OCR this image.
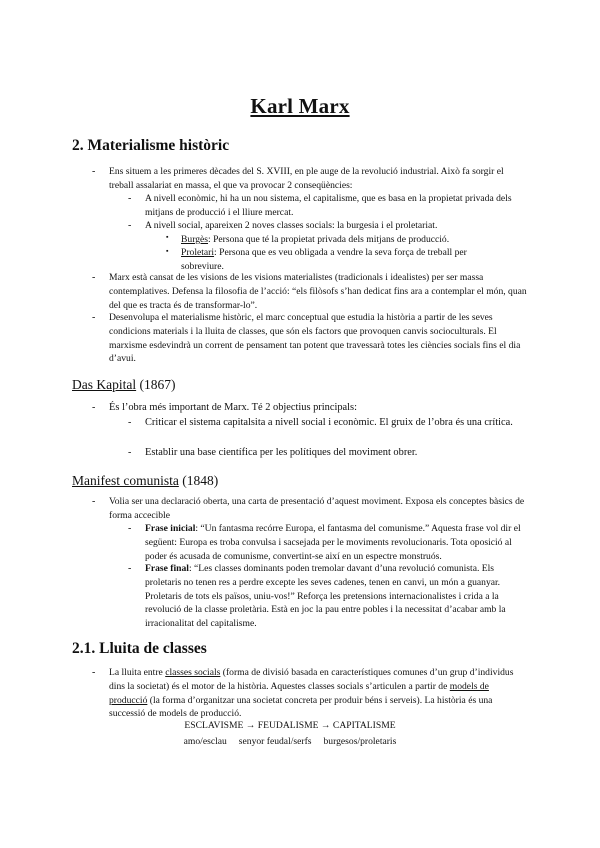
Karl Marx
2. Materialisme històric
- Ens situem a les primeres dècades del S. XVIII, en ple auge de la revolució industrial. Això fa sorgir el treball assalariat en massa, el que va provocar 2 conseqüències:
- A nivell econòmic, hi ha un nou sistema, el capitalisme, que es basa en la propietat privada dels mitjans de producció i el lliure mercat.
- A nivell social, apareixen 2 noves classes socials: la burgesia i el proletariat.
▪ Burgès: Persona que té la propietat privada dels mitjans de producció.
▪ Proletari: Persona que es veu obligada a vendre la seva força de treball per sobreviure.
- Marx està cansat de les visions de les visions materialistes (tradicionals i idealistes) per ser massa contemplatives. Defensa la filosofia de l’acció: “els filòsofs s’han dedicat fins ara a contemplar el món, quan del que es tracta és de transformar-lo”.
- Desenvolupa el materialisme històric, el marc conceptual que estudia la història a partir de les seves condicions materials i la lluita de classes, que són els factors que provoquen canvis socioculturals. El marxisme esdevindrà un corrent de pensament tan potent que travessarà totes les ciències socials fins el dia d’avui.
Das Kapital (1867)
- És l’obra més important de Marx. Té 2 objectius principals:
- Criticar el sistema capitalsita a nivell social i econòmic. El gruix de l’obra és una crítica.
- Establir una base científica per les polítiques del moviment obrer.
Manifest comunista (1848)
- Volia ser una declaració oberta, una carta de presentació d’aquest moviment. Exposa els conceptes bàsics de forma accecible
- Frase inicial: “Un fantasma recórre Europa, el fantasma del comunisme.” Aquesta frase vol dir el següent: Europa es troba convulsa i sacsejada per le moviments revolucionaris. Tota oposició al poder és acusada de comunisme, convertint-se així en un espectre monstruós.
- Frase final: “Les classes dominants poden tremolar davant d’una revolució comunista. Els proletaris no tenen res a perdre excepte les seves cadenes, tenen en canvi, un món a guanyar. Proletaris de tots els països, uniu-vos!” Reforça les pretensions internacionalistes i crida a la revolució de la classe proletària. Està en joc la pau entre pobles i la necessitat d’acabar amb la irracionalitat del capitalisme.
2.1. Lluita de classes
- La lluita entre classes socials (forma de divisió basada en característiques comunes d’un grup d’individus dins la societat) és el motor de la història. Aquestes classes socials s’articulen a partir de models de producció (la forma d’organitzar una societat concreta per produir béns i serveis). La història és una successió de models de producció.
ESCLAVISME → FEUDALISME → CAPITALISME
amo/esclau     senyor feudal/serfs     burgesos/proletaris
